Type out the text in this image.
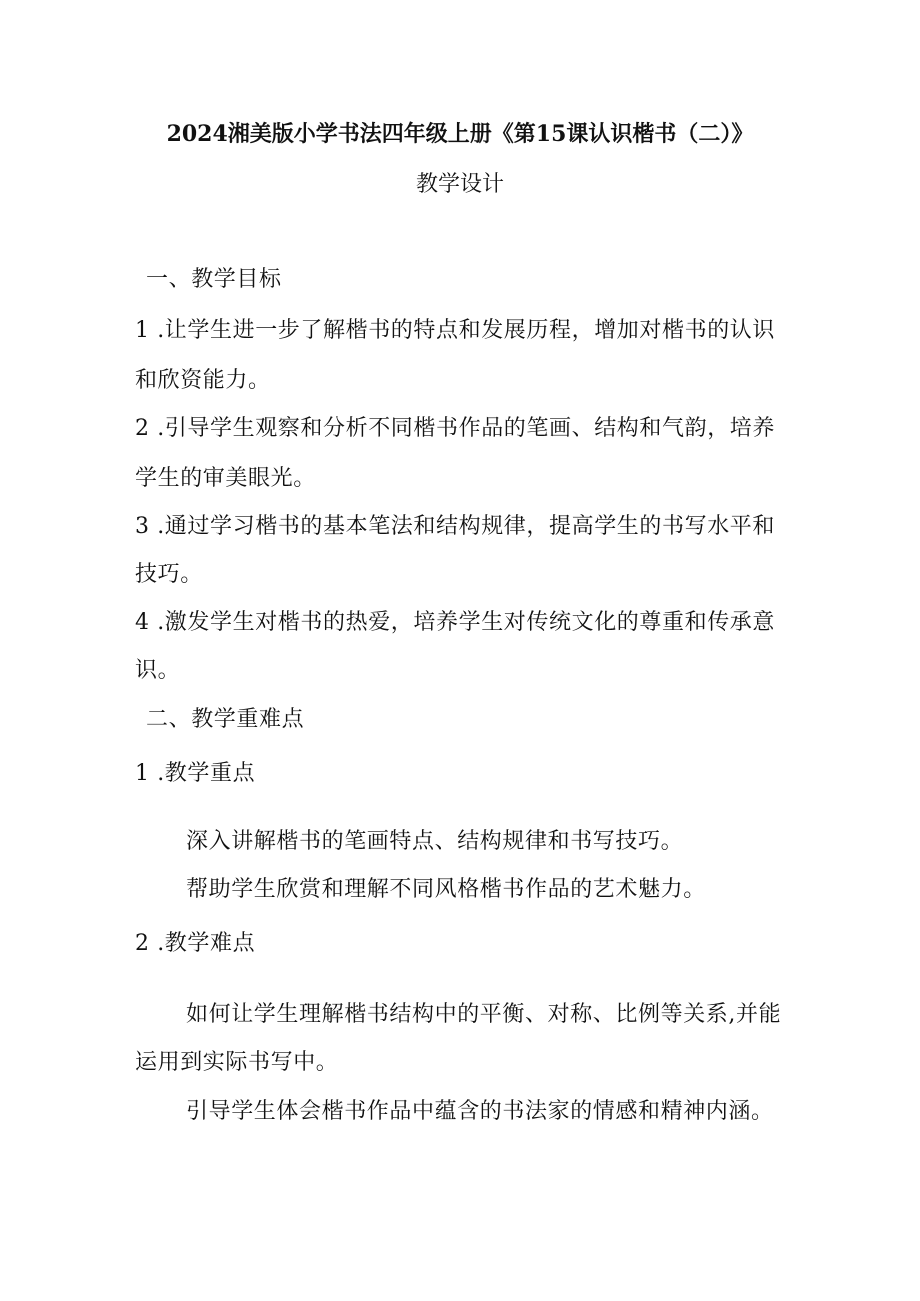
2024湘美版小学书法四年级上册《第15课认识楷书（二）》
教学设计
一、教学目标
1 .让学生进一步了解楷书的特点和发展历程，增加对楷书的认识
和欣资能力。
2 .引导学生观察和分析不同楷书作品的笔画、结构和气韵，培养
学生的审美眼光。
3 .通过学习楷书的基本笔法和结构规律，提高学生的书写水平和
技巧。
4 .激发学生对楷书的热爱，培养学生对传统文化的尊重和传承意
识。
二、教学重难点
1 .教学重点
深入讲解楷书的笔画特点、结构规律和书写技巧。
帮助学生欣赏和理解不同风格楷书作品的艺术魅力。
2 .教学难点
如何让学生理解楷书结构中的平衡、对称、比例等关系,并能
运用到实际书写中。
引导学生体会楷书作品中蕴含的书法家的情感和精神内涵。
